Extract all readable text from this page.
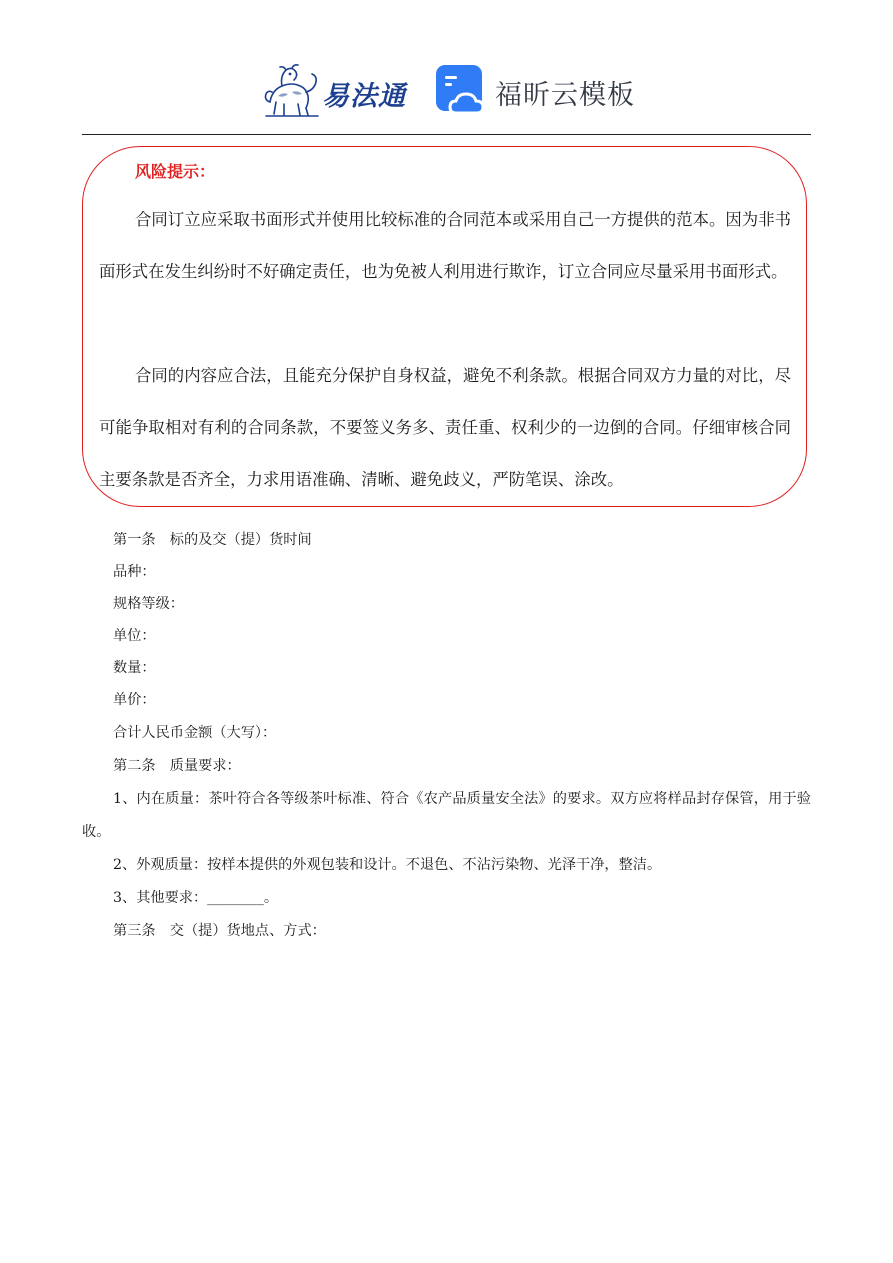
易法通	福昕云模板
风险提示：

合同订立应采取书面形式并使用比较标准的合同范本或采用自己一方提供的范本。因为非书面形式在发生纠纷时不好确定责任，也为免被人利用进行欺诈，订立合同应尽量采用书面形式。

合同的内容应合法，且能充分保护自身权益，避免不利条款。根据合同双方力量的对比，尽可能争取相对有利的合同条款，不要签义务多、责任重、权利少的一边倒的合同。仔细审核合同主要条款是否齐全，力求用语准确、清晰、避免歧义，严防笔误、涂改。

第一条　标的及交（提）货时间
品种：
规格等级：
单位：
数量：
单价：
合计人民币金额（大写）：
第二条　质量要求：

1、内在质量：茶叶符合各等级茶叶标准、符合《农产品质量安全法》的要求。双方应将样品封存保管，用于验收。

2、外观质量：按样本提供的外观包装和设计。不退色、不沾污染物、光泽干净，整洁。
3、其他要求：________。
第三条　交（提）货地点、方式：
